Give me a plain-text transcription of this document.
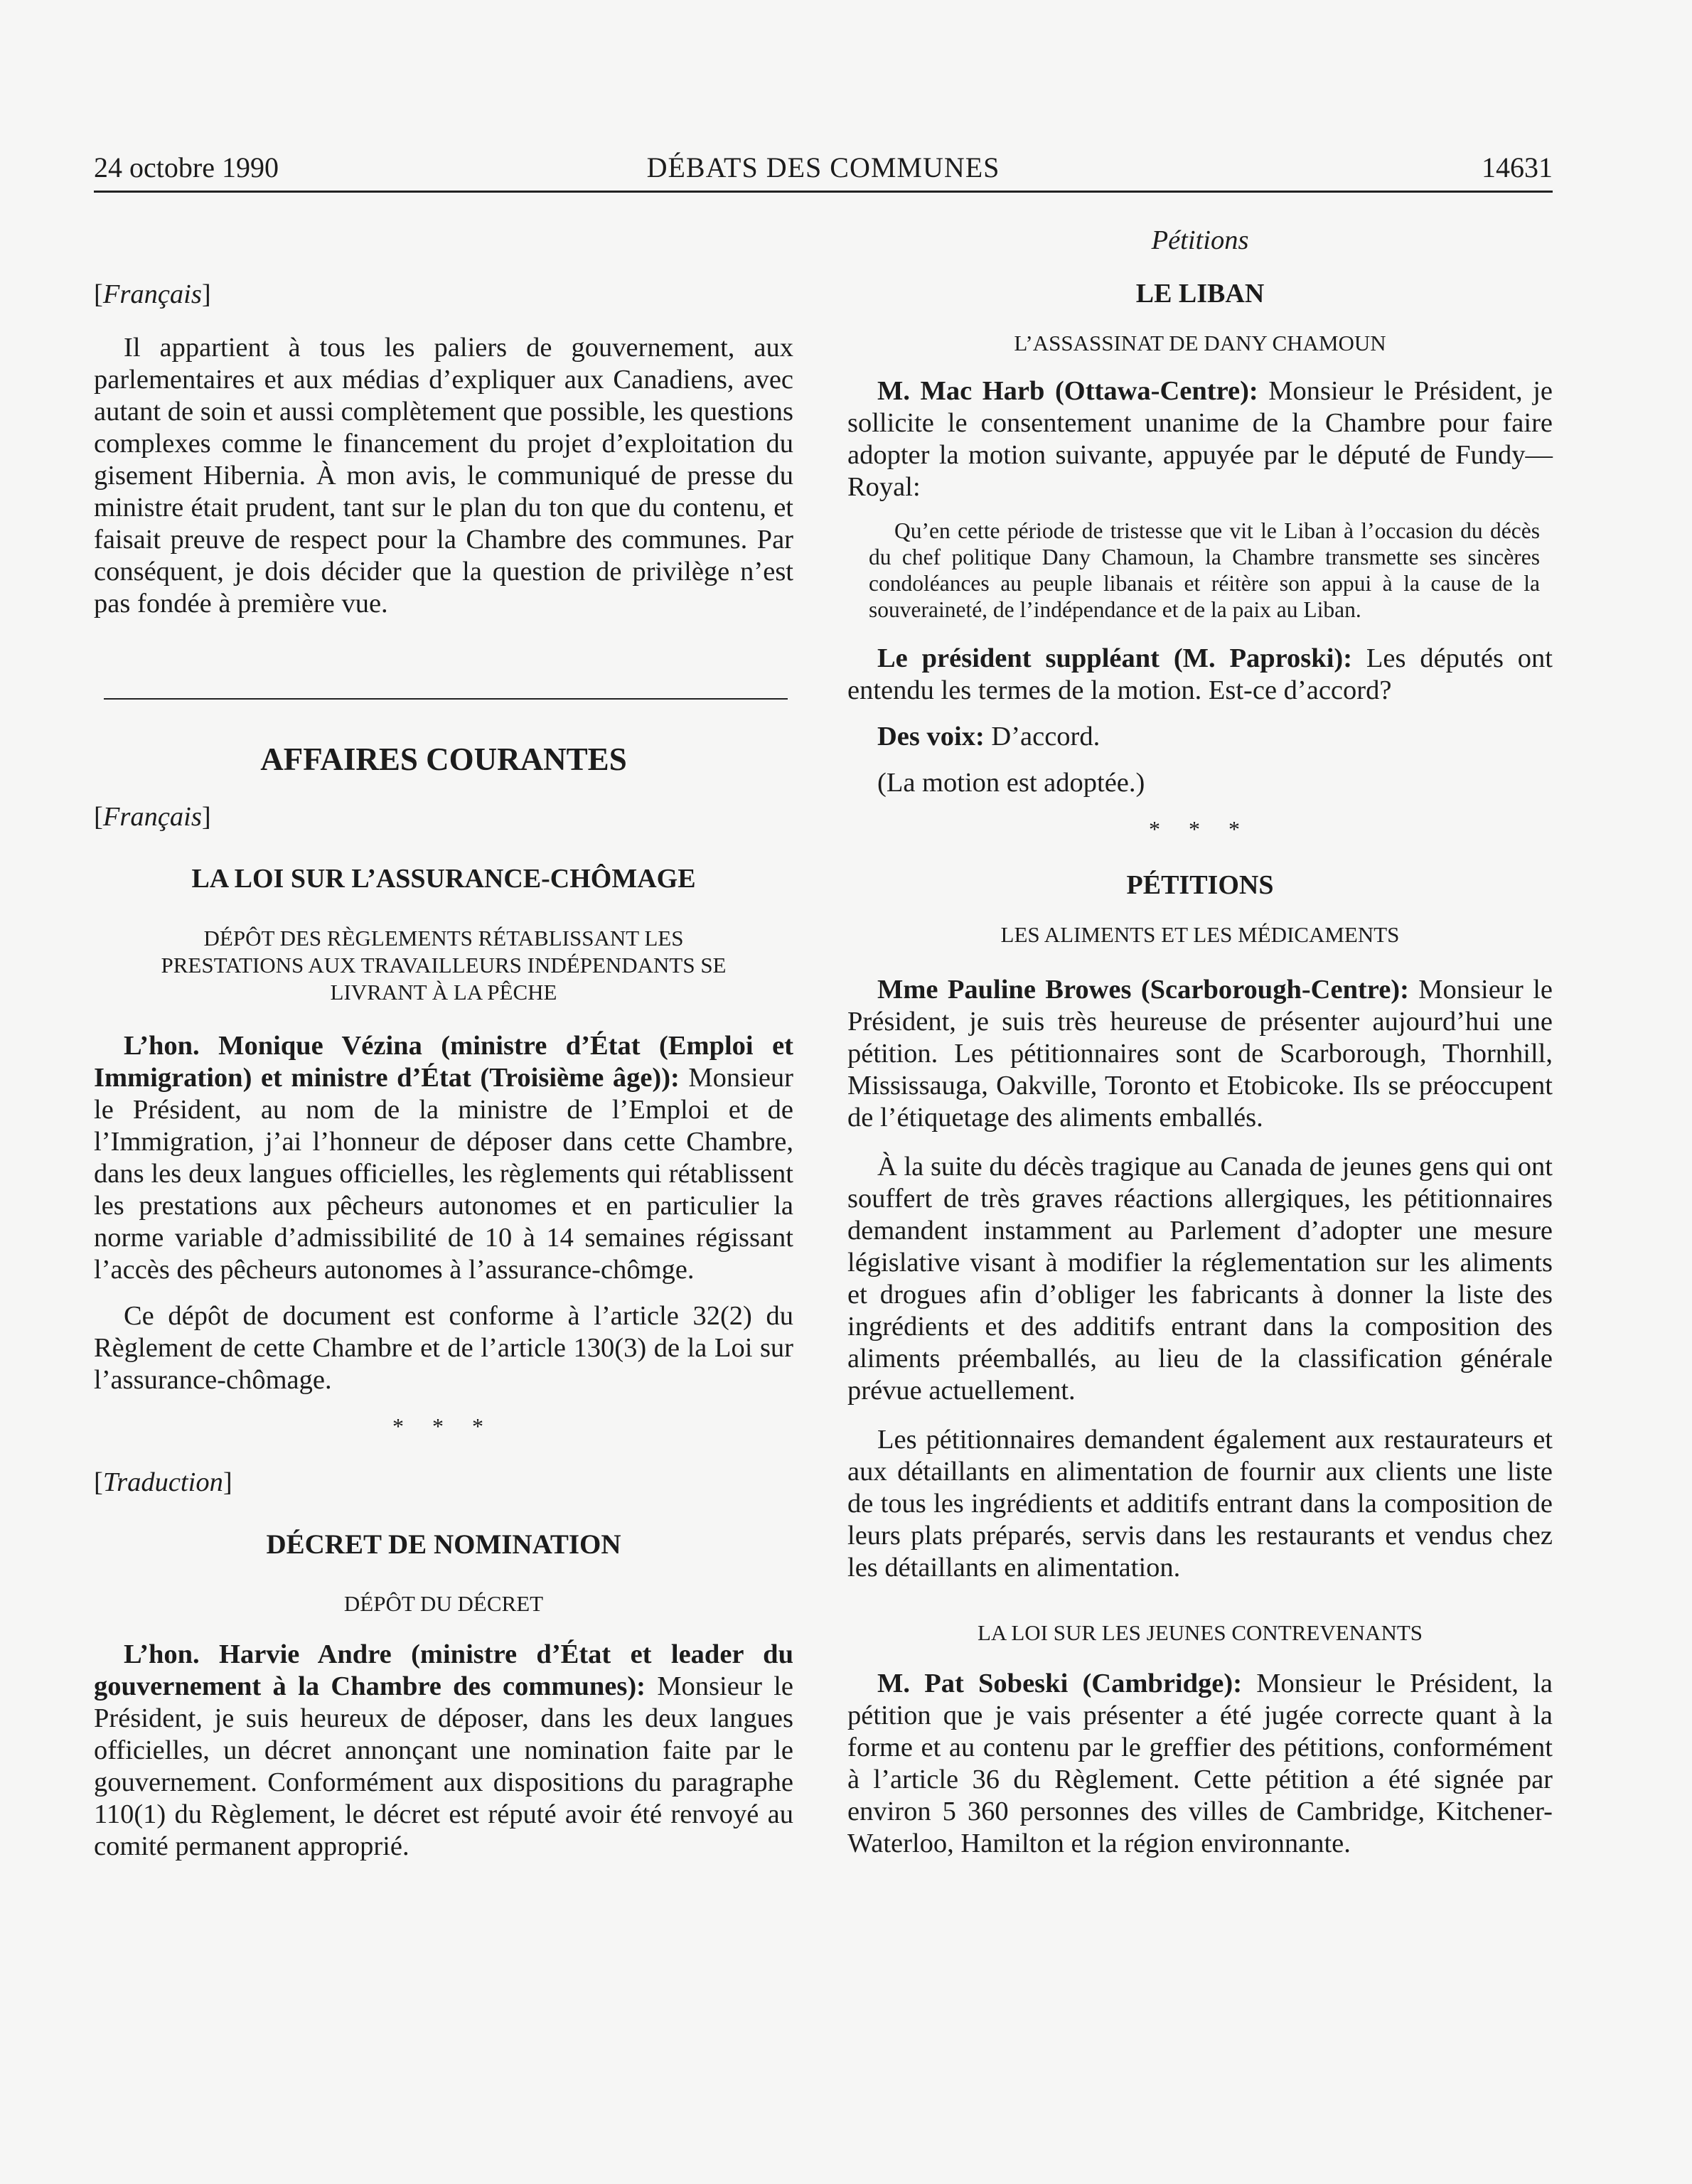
24 octobre 1990	DÉBATS DES COMMUNES	14631

[ Français ]

Il appartient à tous les paliers de gouvernement, aux parlementaires et aux médias d’expliquer aux Canadiens, avec autant de soin et aussi complètement que possible, les questions complexes comme le financement du projet d’exploitation du gisement Hibernia. À mon avis, le communiqué de presse du ministre était prudent, tant sur le plan du ton que du contenu, et faisait preuve de respect pour la Chambre des communes. Par conséquent, je dois décider que la question de privilège n’est pas fondée à première vue.

AFFAIRES COURANTES

[ Français ]

LA LOI SUR L’ASSURANCE-CHÔMAGE

DÉPÔT DES RÈGLEMENTS RÉTABLISSANT LES PRESTATIONS AUX TRAVAILLEURS INDÉPENDANTS SE LIVRANT À LA PÊCHE

L’hon. Monique Vézina (ministre d’État (Emploi et Immigration) et ministre d’État (Troisième âge)): Monsieur le Président, au nom de la ministre de l’Emploi et de l’Immigration, j’ai l’honneur de déposer dans cette Chambre, dans les deux langues officielles, les règlements qui rétablissent les prestations aux pêcheurs autonomes et en particulier la norme variable d’admissibilité de 10 à 14 semaines régissant l’accès des pêcheurs autonomes à l’assurance-chômge.

Ce dépôt de document est conforme à l’article 32(2) du Règlement de cette Chambre et de l’article 130(3) de la Loi sur l’assurance-chômage.

* * *

[ Traduction ]

DÉCRET DE NOMINATION

DÉPÔT DU DÉCRET

L’hon. Harvie Andre (ministre d’État et leader du gouvernement à la Chambre des communes): Monsieur le Président, je suis heureux de déposer, dans les deux langues officielles, un décret annonçant une nomination faite par le gouvernement. Conformément aux dispositions du paragraphe 110(1) du Règlement, le décret est réputé avoir été renvoyé au comité permanent approprié.

Pétitions

LE LIBAN

L’ASSASSINAT DE DANY CHAMOUN

M. Mac Harb (Ottawa-Centre): Monsieur le Président, je sollicite le consentement unanime de la Chambre pour faire adopter la motion suivante, appuyée par le député de Fundy—Royal:

Qu’en cette période de tristesse que vit le Liban à l’occasion du décès du chef politique Dany Chamoun, la Chambre transmette ses sincères condoléances au peuple libanais et réitère son appui à la cause de la souveraineté, de l’indépendance et de la paix au Liban.

Le président suppléant (M. Paproski): Les députés ont entendu les termes de la motion. Est-ce d’accord?

Des voix: D’accord.

(La motion est adoptée.)

* * *

PÉTITIONS

LES ALIMENTS ET LES MÉDICAMENTS

Mme Pauline Browes (Scarborough-Centre): Monsieur le Président, je suis très heureuse de présenter aujourd’hui une pétition. Les pétitionnaires sont de Scarborough, Thornhill, Mississauga, Oakville, Toronto et Etobicoke. Ils se préoccupent de l’étiquetage des aliments emballés.

À la suite du décès tragique au Canada de jeunes gens qui ont souffert de très graves réactions allergiques, les pétitionnaires demandent instamment au Parlement d’adopter une mesure législative visant à modifier la réglementation sur les aliments et drogues afin d’obliger les fabricants à donner la liste des ingrédients et des additifs entrant dans la composition des aliments préemballés, au lieu de la classification générale prévue actuellement.

Les pétitionnaires demandent également aux restaurateurs et aux détaillants en alimentation de fournir aux clients une liste de tous les ingrédients et additifs entrant dans la composition de leurs plats préparés, servis dans les restaurants et vendus chez les détaillants en alimentation.

LA LOI SUR LES JEUNES CONTREVENANTS

M. Pat Sobeski (Cambridge): Monsieur le Président, la pétition que je vais présenter a été jugée correcte quant à la forme et au contenu par le greffier des pétitions, conformément à l’article 36 du Règlement. Cette pétition a été signée par environ 5 360 personnes des villes de Cambridge, Kitchener-Waterloo, Hamilton et la région environnante.
